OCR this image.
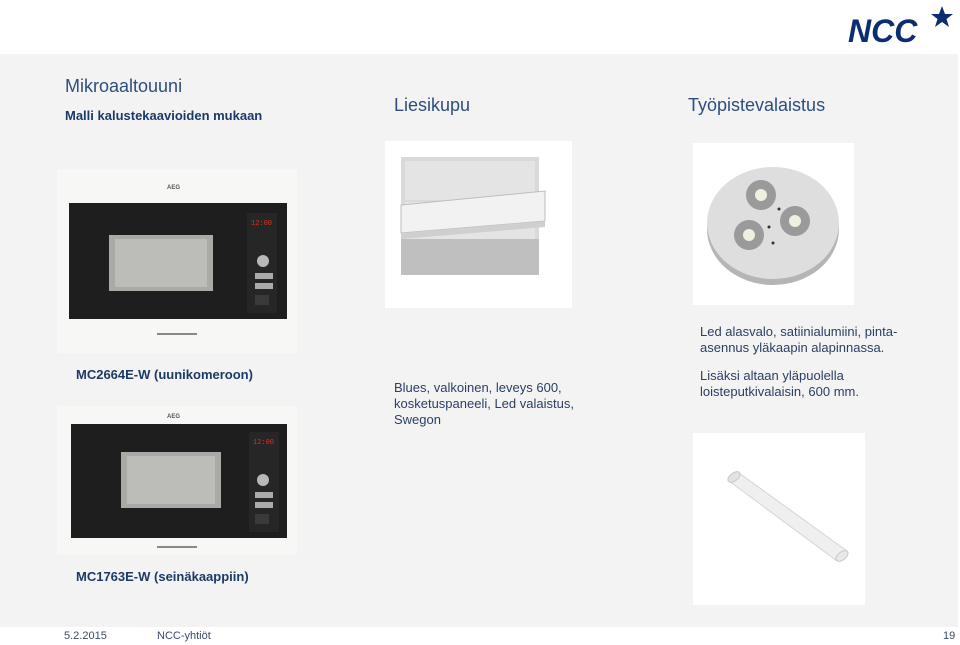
NCC
Mikroaaltouuni
Malli kalustekaavioiden mukaan
AEG
12:00
MC2664E-W (uunikomeroon)
AEG
12:00
MC1763E-W (seinäkaappiin)
Liesikupu
Blues, valkoinen, leveys 600,
kosketuspaneeli, Led valaistus,
Swegon
Työpistevalaistus
Led alasvalo, satiinialumiini, pinta-
asennus yläkaapin alapinnassa.
Lisäksi altaan yläpuolella
loisteputkivalaisin, 600 mm.
5.2.2015	NCC-yhtiöt	19
